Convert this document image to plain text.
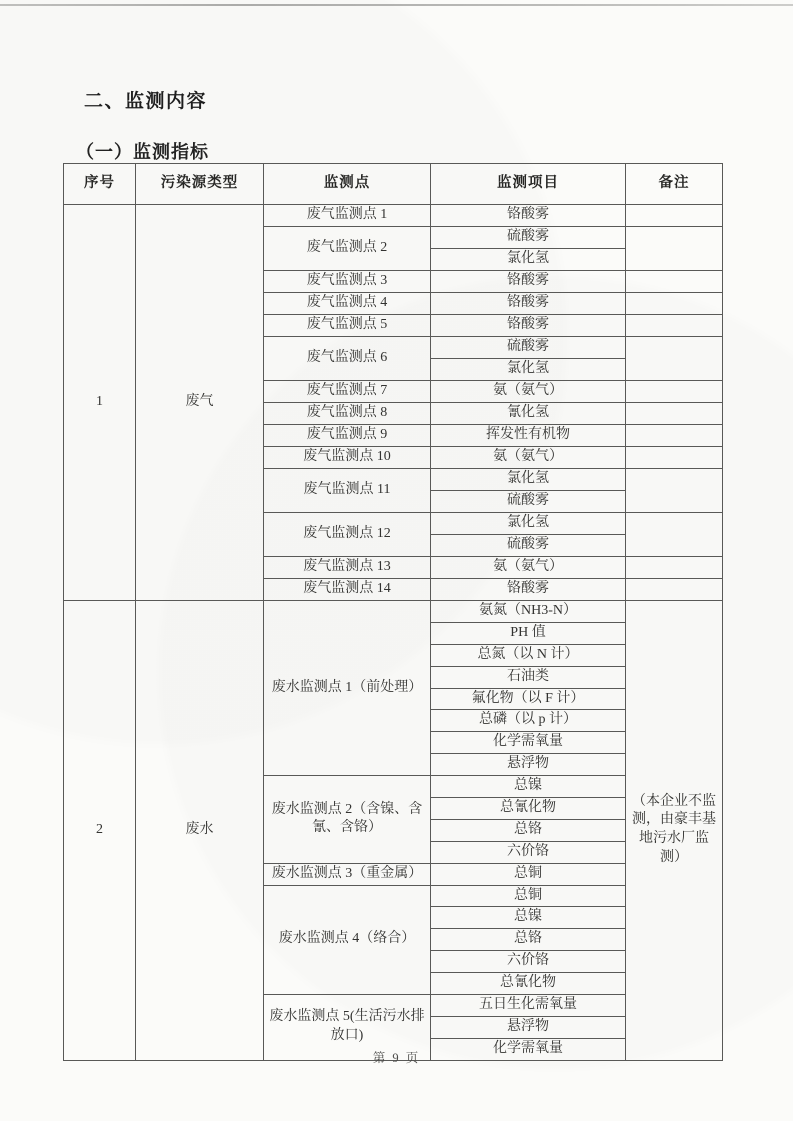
二、监测内容
（一）监测指标
序号	污染源类型	监测点	监测项目	备注
1	废气	废气监测点 1	铬酸雾	
		废气监测点 2	硫酸雾	
			氯化氢	
		废气监测点 3	铬酸雾	
		废气监测点 4	铬酸雾	
		废气监测点 5	铬酸雾	
		废气监测点 6	硫酸雾	
			氯化氢	
		废气监测点 7	氨（氨气）	
		废气监测点 8	氰化氢	
		废气监测点 9	挥发性有机物	
		废气监测点 10	氨（氨气）	
		废气监测点 11	氯化氢	
			硫酸雾	
		废气监测点 12	氯化氢	
			硫酸雾	
		废气监测点 13	氨（氨气）	
		废气监测点 14	铬酸雾	
2	废水	废水监测点 1（前处理）	氨氮（NH3-N）	（本企业不监测，由豪丰基地污水厂监测）
			PH 值	
			总氮（以 N 计）	
			石油类	
			氟化物（以 F 计）	
			总磷（以 p 计）	
			化学需氧量	
			悬浮物	
		废水监测点 2（含镍、含氰、含铬）	总镍	
			总氰化物	
			总铬	
			六价铬	
		废水监测点 3（重金属）	总铜	
		废水监测点 4（络合）	总铜	
			总镍	
			总铬	
			六价铬	
			总氰化物	
		废水监测点 5(生活污水排放口)	五日生化需氧量	
			悬浮物	
			化学需氧量	
第 9 页
